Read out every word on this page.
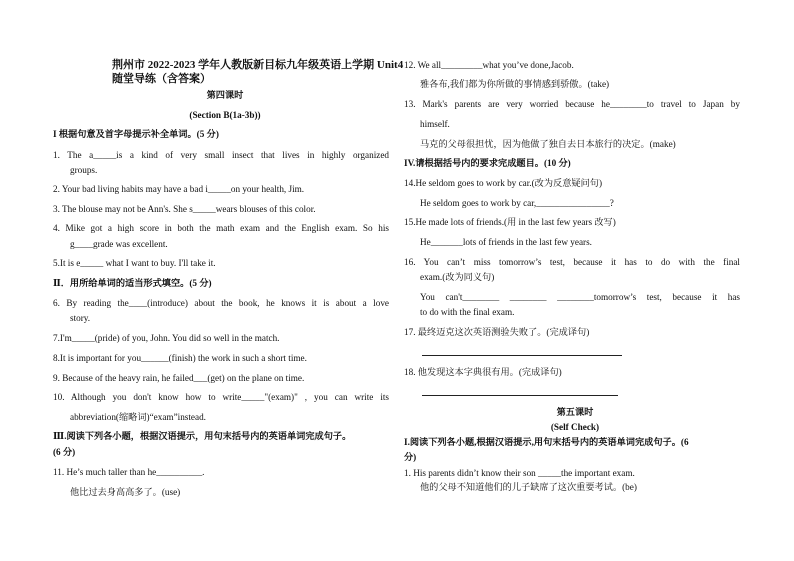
荆州市 2022-2023 学年人教版新目标九年级英语上学期 Unit4
随堂导练（含答案）
第四课时
(Section B(1a-3b))
I 根据句意及首字母提示补全单词。(5 分)
1. The a_____is a kind of very small insect that lives in highly organized
groups.
2. Your bad living habits may have a bad i_____on your health, Jim.
3. The blouse may not be Ann's. She s_____wears blouses of this color.
4. Mike got a high score in both the math exam and the English exam. So his
g____grade was excellent.
5.It is e_____ what I want to buy. I'll take it.
Ⅱ．用所给单词的适当形式填空。(5 分)
6. By reading the____(introduce) about the book, he knows it is about a love
story.
7.I'm_____(pride) of you, John. You did so well in the match.
8.It is important for you______(finish) the work in such a short time.
9. Because of the heavy rain, he failed___(get) on the plane on time.
10. Although you don't know how to write_____"(exam)" , you can write its
abbreviation(缩略词)“exam”instead.
Ⅲ.阅读下列各小题，根据汉语提示，用句末括号内的英语单词完成句子。
(6 分)
11. He’s much taller than he__________.
他比过去身高高多了。(use)
12. We all_________what you’ve done,Jacob.
雅各布,我们都为你所做的事情感到骄傲。(take)
13. Mark's parents are very worried because he________to travel to Japan by
himself.
马克的父母很担忧，因为他做了独自去日本旅行的决定。(make)
IV.请根据括号内的要求完成题目。(10 分)
14.He seldom goes to work by car.(改为反意疑问句)
He seldom goes to work by car,________________?
15.He made lots of friends.(用 in the last few years 改写)
He_______lots of friends in the last few years.
16. You can’t miss tomorrow’s test, because it has to do with the final
exam.(改为同义句)
You can't________ ________ ________tomorrow’s test, because it has
to do with the final exam.
17. 最终迈克这次英语测验失败了。(完成译句)
18. 他发现这本字典很有用。(完成译句)
第五课时
(Self Check)
I.阅读下列各小题,根据汉语提示,用句末括号内的英语单词完成句子。(6
分)
1. His parents didn’t know their son _____the important exam.
他的父母不知道他们的儿子缺席了这次重要考试。(be)
